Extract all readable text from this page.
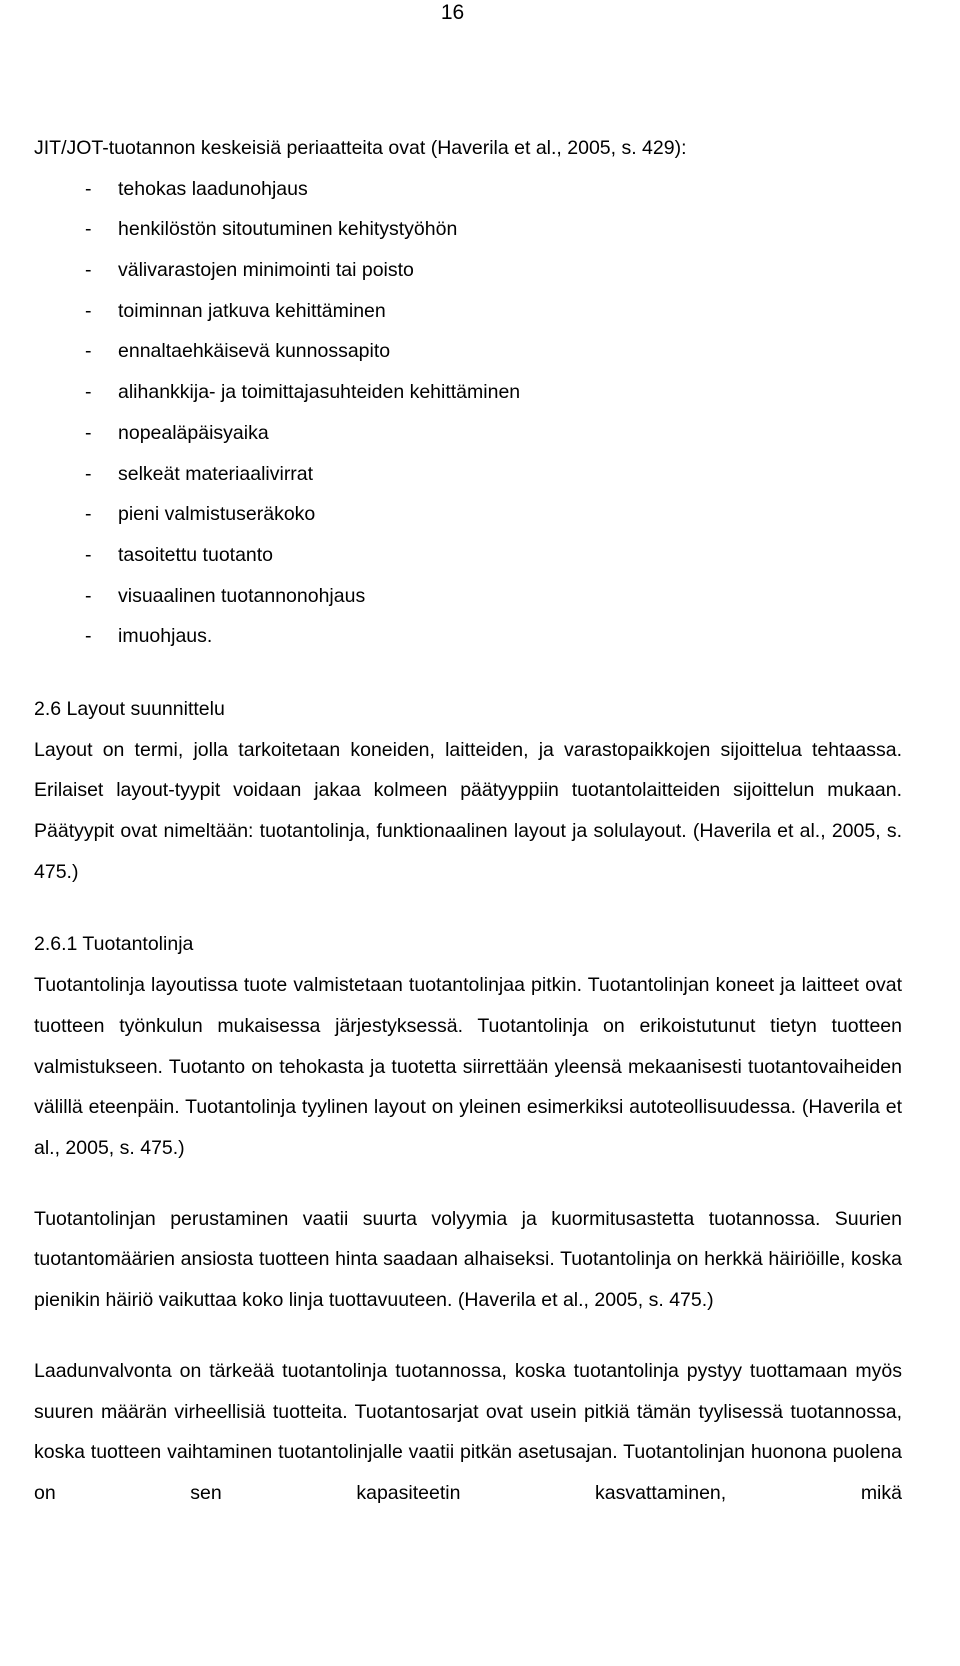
16

JIT/JOT-tuotannon keskeisiä periaatteita ovat (Haverila et al., 2005, s. 429):

- tehokas laadunohjaus
- henkilöstön sitoutuminen kehitystyöhön
- välivarastojen minimointi tai poisto
- toiminnan jatkuva kehittäminen
- ennaltaehkäisevä kunnossapito
- alihankkija- ja toimittajasuhteiden kehittäminen
- nopealäpäisyaika
- selkeät materiaalivirrat
- pieni valmistuseräkoko
- tasoitettu tuotanto
- visuaalinen tuotannonohjaus
- imuohjaus.
2.6 Layout suunnittelu

Layout on termi, jolla tarkoitetaan koneiden, laitteiden, ja varastopaikkojen sijoittelua tehtaassa. Erilaiset layout-tyypit voidaan jakaa kolmeen päätyyppiin tuotantolaitteiden sijoittelun mukaan. Päätyypit ovat nimeltään: tuotantolinja, funktionaalinen layout ja solulayout. (Haverila et al., 2005, s. 475.)

2.6.1 Tuotantolinja

Tuotantolinja layoutissa tuote valmistetaan tuotantolinjaa pitkin. Tuotantolinjan koneet ja laitteet ovat tuotteen työnkulun mukaisessa järjestyksessä. Tuotantolinja on erikoistutunut tietyn tuotteen valmistukseen. Tuotanto on tehokasta ja tuotetta siirrettään yleensä mekaanisesti tuotantovaiheiden välillä eteenpäin. Tuotantolinja tyylinen layout on yleinen esimerkiksi autoteollisuudessa. (Haverila et al., 2005, s. 475.)

Tuotantolinjan perustaminen vaatii suurta volyymia ja kuormitusastetta tuotannossa. Suurien tuotantomäärien ansiosta tuotteen hinta saadaan alhaiseksi. Tuotantolinja on herkkä häiriöille, koska pienikin häiriö vaikuttaa koko linja tuottavuuteen. (Haverila et al., 2005, s. 475.)

Laadunvalvonta on tärkeää tuotantolinja tuotannossa, koska tuotantolinja pystyy tuottamaan myös suuren määrän virheellisiä tuotteita. Tuotantosarjat ovat usein pitkiä tämän tyylisessä tuotannossa, koska tuotteen vaihtaminen tuotantolinjalle vaatii pitkän asetusajan. Tuotantolinjan huonona puolena on sen kapasiteetin kasvattaminen, mikä
